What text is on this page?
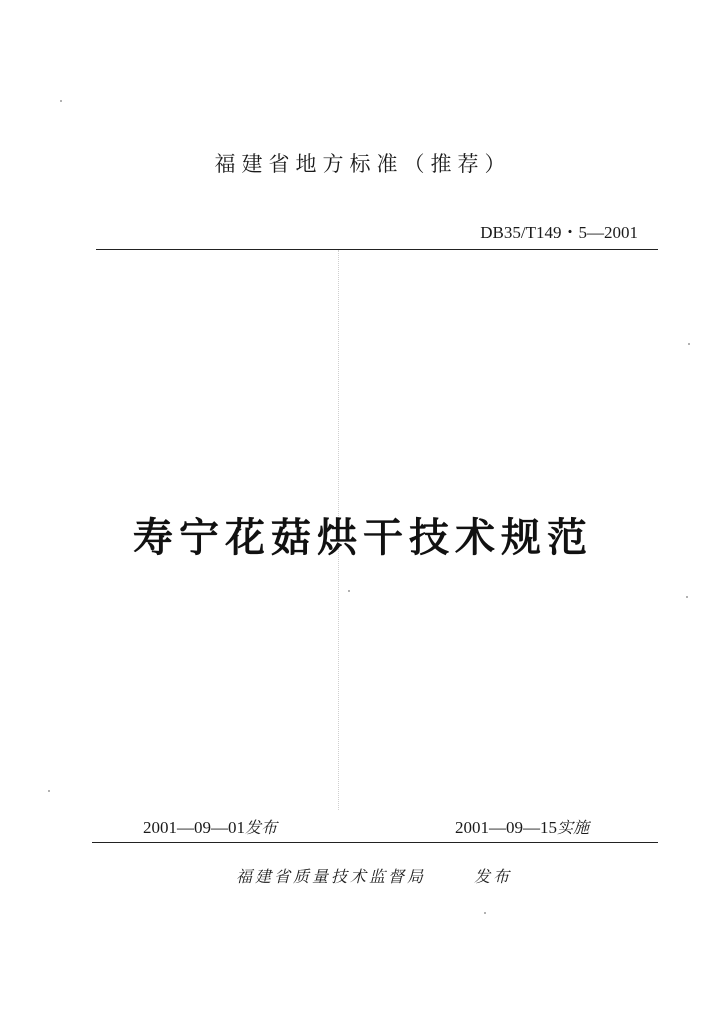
福建省地方标准（推荐）
DB35/T149・5—2001
寿宁花菇烘干技术规范
2001—09—01发布	2001—09—15实施
福建省质量技术监督局	发布
